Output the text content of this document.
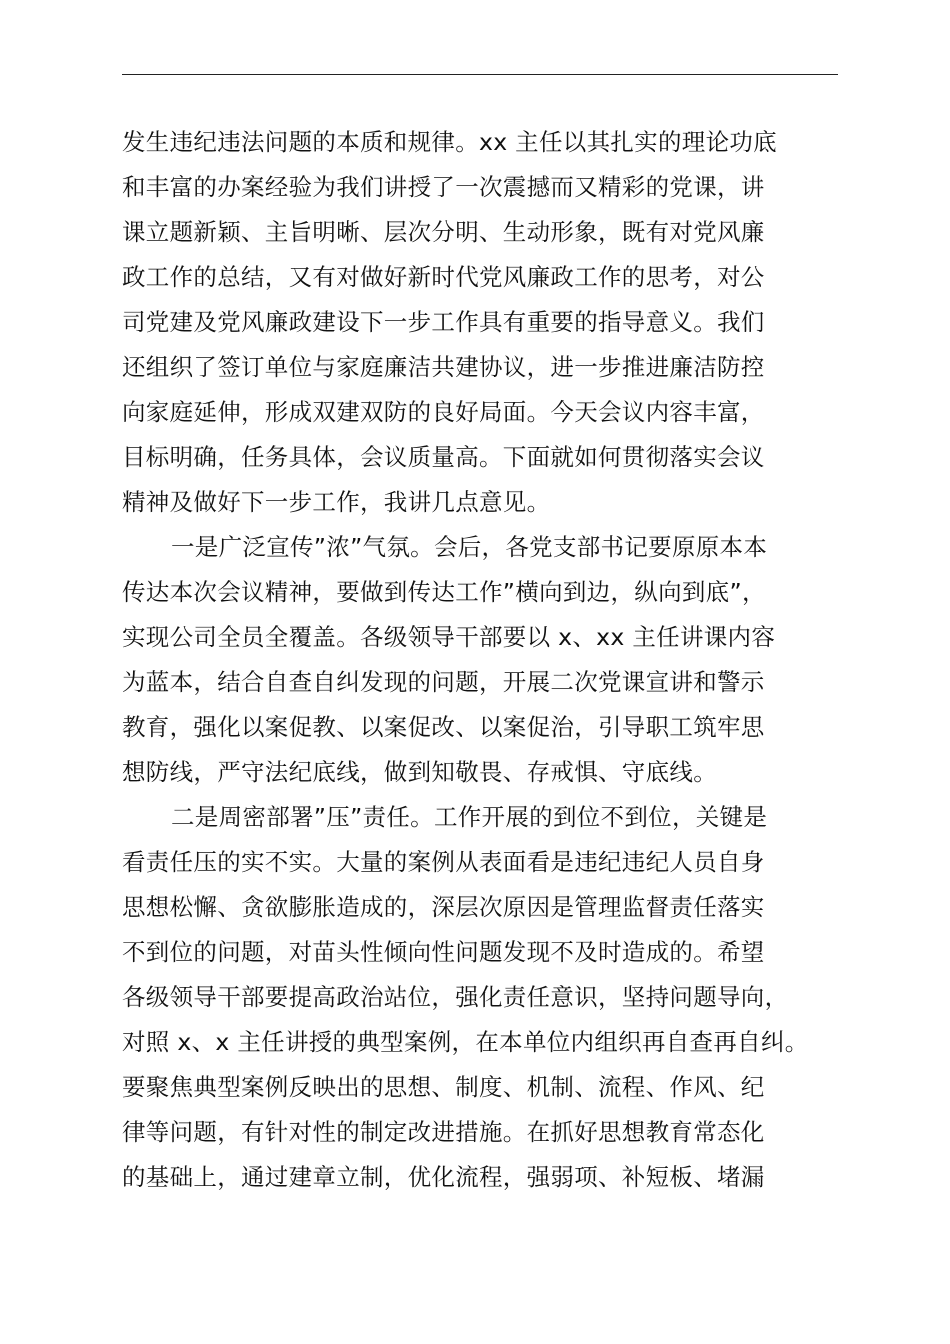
发生违纪违法问题的本质和规律。xx 主任以其扎实的理论功底
和丰富的办案经验为我们讲授了一次震撼而又精彩的党课，讲
课立题新颖、主旨明晰、层次分明、生动形象，既有对党风廉
政工作的总结，又有对做好新时代党风廉政工作的思考，对公
司党建及党风廉政建设下一步工作具有重要的指导意义。我们
还组织了签订单位与家庭廉洁共建协议，进一步推进廉洁防控
向家庭延伸，形成双建双防的良好局面。今天会议内容丰富，
目标明确，任务具体，会议质量高。下面就如何贯彻落实会议
精神及做好下一步工作，我讲几点意见。
一是广泛宣传”浓”气氛。会后，各党支部书记要原原本本
传达本次会议精神，要做到传达工作”横向到边，纵向到底”，
实现公司全员全覆盖。各级领导干部要以 x、xx 主任讲课内容
为蓝本，结合自查自纠发现的问题，开展二次党课宣讲和警示
教育，强化以案促教、以案促改、以案促治，引导职工筑牢思
想防线，严守法纪底线，做到知敬畏、存戒惧、守底线。
二是周密部署”压”责任。工作开展的到位不到位，关键是
看责任压的实不实。大量的案例从表面看是违纪违纪人员自身
思想松懈、贪欲膨胀造成的，深层次原因是管理监督责任落实
不到位的问题，对苗头性倾向性问题发现不及时造成的。希望
各级领导干部要提高政治站位，强化责任意识，坚持问题导向，
对照 x、x 主任讲授的典型案例，在本单位内组织再自查再自纠。
要聚焦典型案例反映出的思想、制度、机制、流程、作风、纪
律等问题，有针对性的制定改进措施。在抓好思想教育常态化
的基础上，通过建章立制，优化流程，强弱项、补短板、堵漏
